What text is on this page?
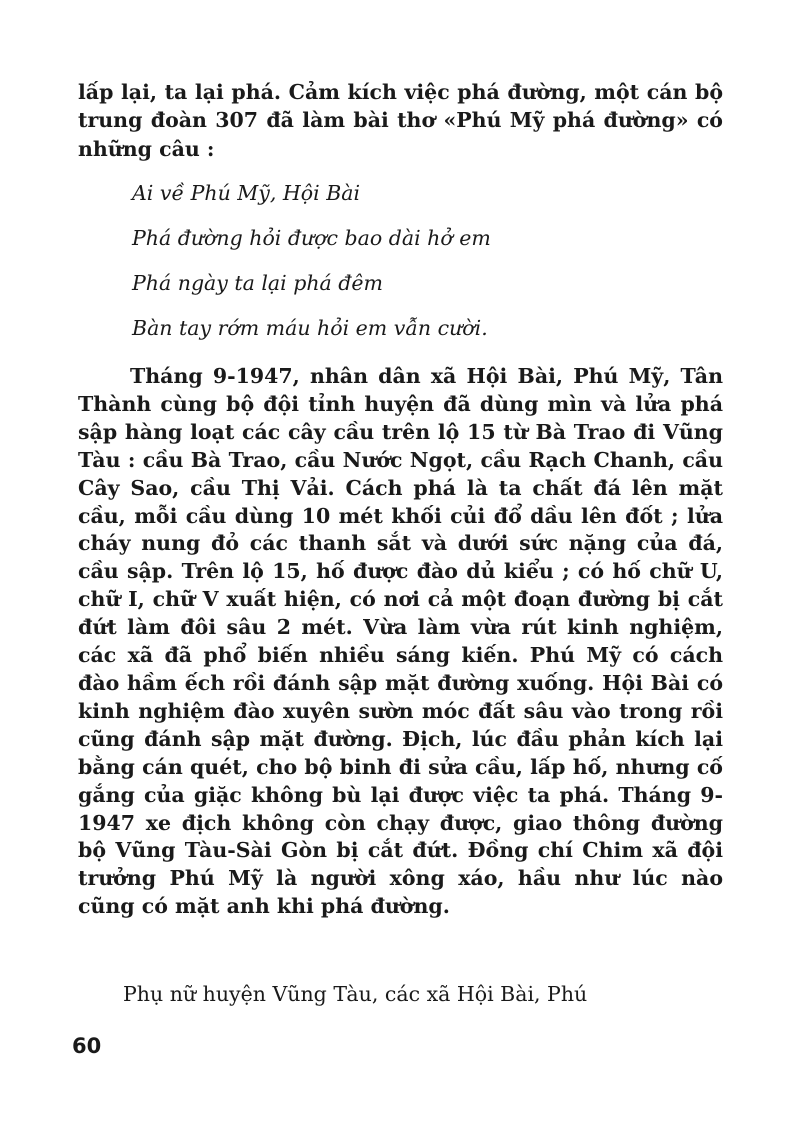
lấp lại, ta lại phá. Cảm kích việc phá đường, một cán bộ trung đoàn 307 đã làm bài thơ «Phú Mỹ phá đường» có những câu :

Ai về Phú Mỹ, Hội Bài
Phá đường hỏi được bao dài hở em
Phá ngày ta lại phá đêm
Bàn tay rớm máu hỏi em vẫn cười.

Tháng 9-1947, nhân dân xã Hội Bài, Phú Mỹ, Tân Thành cùng bộ đội tỉnh huyện đã dùng mìn và lửa phá sập hàng loạt các cây cầu trên lộ 15 từ Bà Trao đi Vũng Tàu : cầu Bà Trao, cầu Nước Ngọt, cầu Rạch Chanh, cầu Cây Sao, cầu Thị Vải. Cách phá là ta chất đá lên mặt cầu, mỗi cầu dùng 10 mét khối củi đổ dầu lên đốt ; lửa cháy nung đỏ các thanh sắt và dưới sức nặng của đá, cầu sập. Trên lộ 15, hố được đào dủ kiểu ; có hố chữ U, chữ I, chữ V xuất hiện, có nơi cả một đoạn đường bị cắt đứt làm đôi sâu 2 mét. Vừa làm vừa rút kinh nghiệm, các xã đã phổ biến nhiều sáng kiến. Phú Mỹ có cách đào hầm ếch rồi đánh sập mặt đường xuống. Hội Bài có kinh nghiệm đào xuyên sườn móc đất sâu vào trong rồi cũng đánh sập mặt đường. Địch, lúc đầu phản kích lại bằng cán quét, cho bộ binh đi sửa cầu, lấp hố, nhưng cố gắng của giặc không bù lại được việc ta phá. Tháng 9-1947 xe địch không còn chạy được, giao thông đường bộ Vũng Tàu-Sài Gòn bị cắt đứt. Đồng chí Chim xã đội trưởng Phú Mỹ là người xông xáo, hầu như lúc nào cũng có mặt anh khi phá đường.

Phụ nữ huyện Vũng Tàu, các xã Hội Bài, Phú

60
